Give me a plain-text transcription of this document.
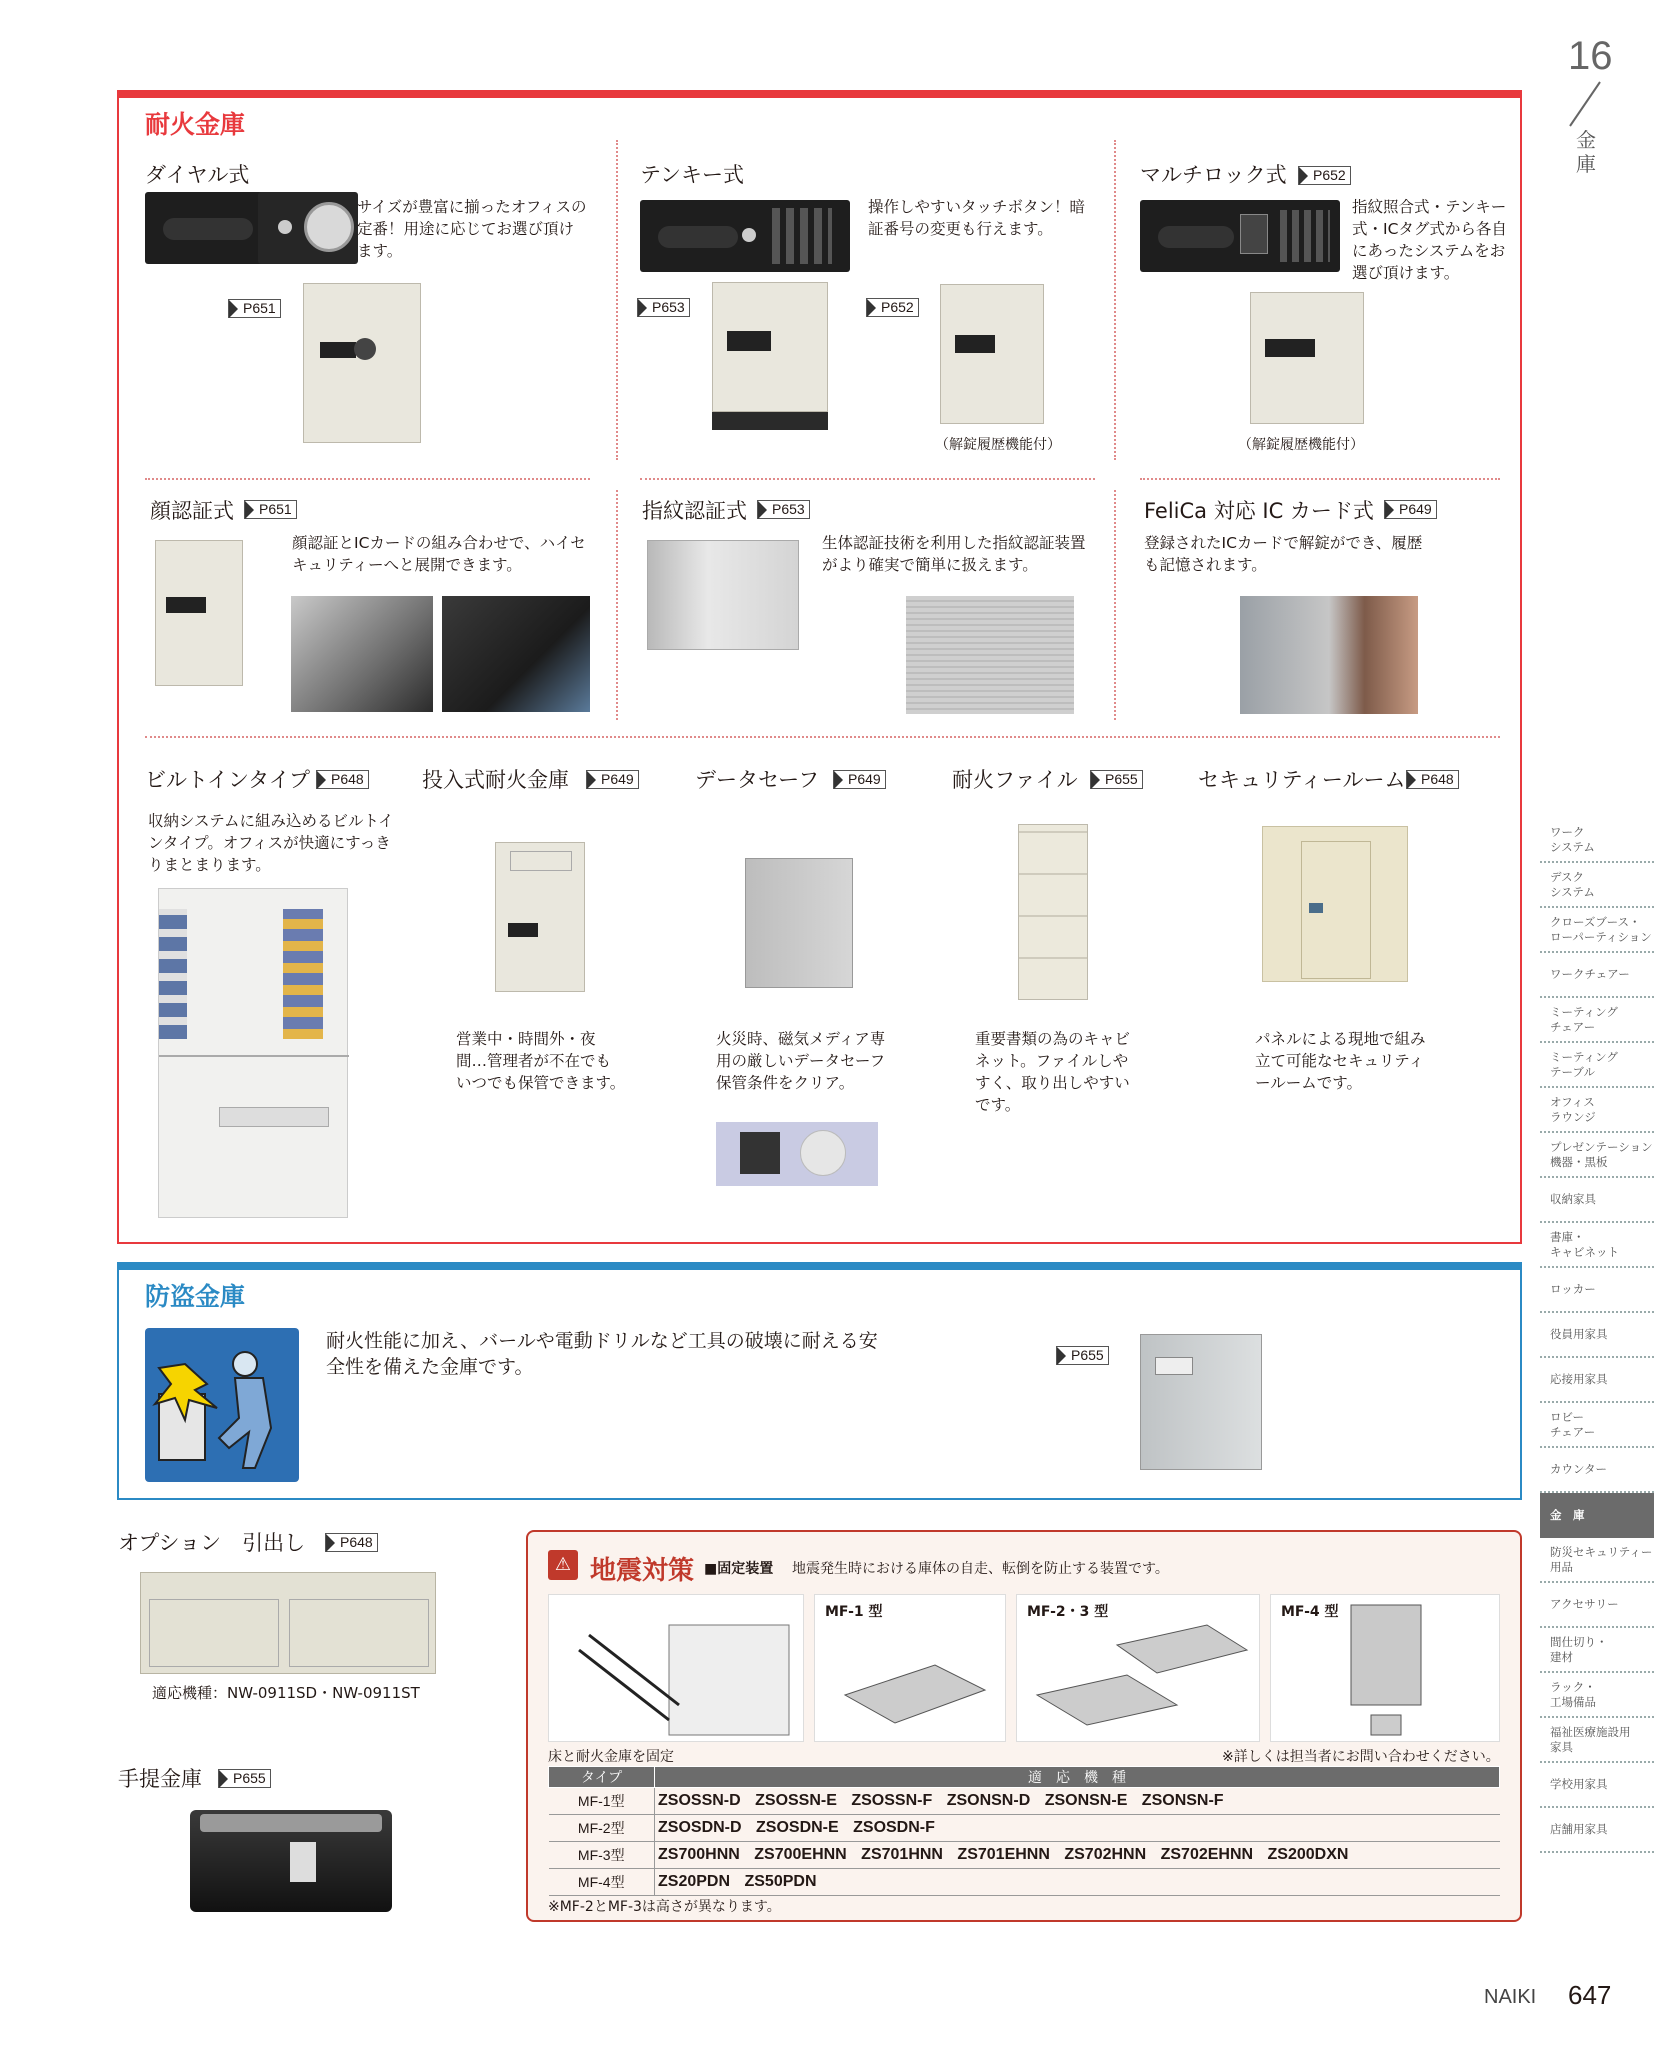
16
金庫
耐火金庫
ダイヤル式
サイズが豊富に揃ったオフィスの定番！用途に応じてお選び頂けます。
P651
テンキー式
操作しやすいタッチボタン！暗証番号の変更も行えます。
P653	P652
（解錠履歴機能付）
マルチロック式	P652
指紋照合式・テンキー式・ICタグ式から各自にあったシステムをお選び頂けます。
（解錠履歴機能付）
顔認証式	P651
顔認証とICカードの組み合わせで、ハイセキュリティーへと展開できます。
指紋認証式	P653
生体認証技術を利用した指紋認証装置がより確実で簡単に扱えます。
FeliCa 対応 IC カード式	P649
登録されたICカードで解錠ができ、履歴も記憶されます。
ビルトインタイプ	P648
収納システムに組み込めるビルトインタイプ。オフィスが快適にすっきりまとまります。
投入式耐火金庫	P649
営業中・時間外・夜間…管理者が不在でもいつでも保管できます。
データセーフ	P649
火災時、磁気メディア専用の厳しいデータセーフ保管条件をクリア。
耐火ファイル	P655
重要書類の為のキャビネット。ファイルしやすく、取り出しやすいです。
セキュリティールーム	P648
パネルによる現地で組み立て可能なセキュリティールームです。
防盗金庫
耐火性能に加え、バールや電動ドリルなど工具の破壊に耐える安全性を備えた金庫です。
P655
オプション　引出し	P648
適応機種：NW-0911SD・NW-0911ST
手提金庫	P655
⚠ 地震対策 ■固定装置 地震発生時における庫体の自走、転倒を防止する装置です。
MF-1 型	MF-2・3 型	MF-4 型
床と耐火金庫を固定	※詳しくは担当者にお問い合わせください。
タイプ	適　応　機　種
MF-1型	ZSOSSN-D ZSOSSN-E ZSOSSN-F ZSONSN-D ZSONSN-E ZSONSN-F
MF-2型	ZSOSDN-D ZSOSDN-E ZSOSDN-F
MF-3型	ZS700HNN ZS700EHNN ZS701HNN ZS701EHNN ZS702HNN ZS702EHNN ZS200DXN
MF-4型	ZS20PDN ZS50PDN
※MF-2とMF-3は高さが異なります。
ワーク
システム
デスク
システム
クローズブース・
ローパーティション
ワークチェアー
ミーティング
チェアー
ミーティング
テーブル
オフィス
ラウンジ
プレゼンテーション
機器・黒板
収納家具
書庫・
キャビネット
ロッカー
役員用家具
応接用家具
ロビー
チェアー
カウンター
金　庫
防災セキュリティー
用品
アクセサリー
間仕切り・
建材
ラック・
工場備品
福祉医療施設用
家具
学校用家具
店舗用家具
NAIKI 647
